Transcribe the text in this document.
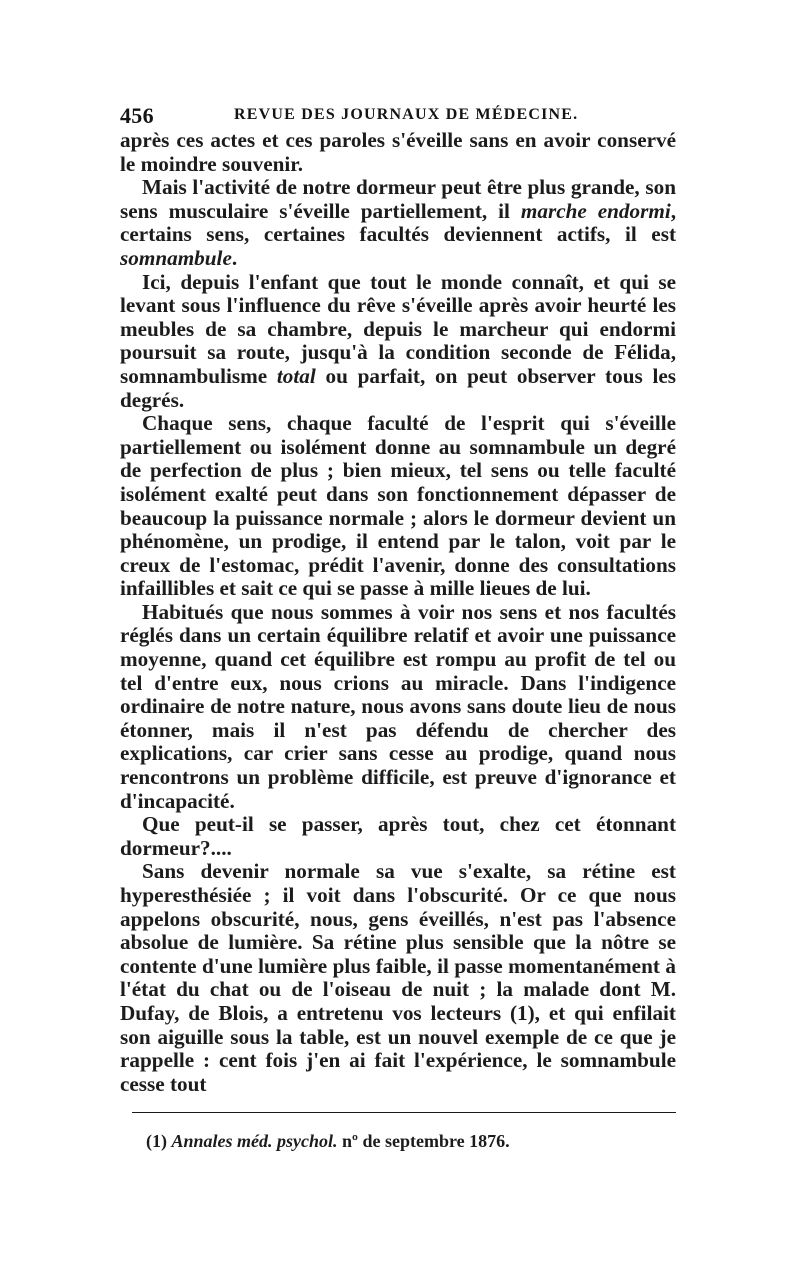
456	REVUE DES JOURNAUX DE MÉDECINE.

après ces actes et ces paroles s'éveille sans en avoir conservé le moindre souvenir.

Mais l'activité de notre dormeur peut être plus grande, son sens musculaire s'éveille partiellement, il marche endormi, certains sens, certaines facultés deviennent actifs, il est somnambule.

Ici, depuis l'enfant que tout le monde connaît, et qui se levant sous l'influence du rêve s'éveille après avoir heurté les meubles de sa chambre, depuis le marcheur qui endormi poursuit sa route, jusqu'à la condition seconde de Félida, somnambulisme total ou parfait, on peut observer tous les degrés.

Chaque sens, chaque faculté de l'esprit qui s'éveille partiellement ou isolément donne au somnambule un degré de perfection de plus ; bien mieux, tel sens ou telle faculté isolément exalté peut dans son fonctionnement dépasser de beaucoup la puissance normale ; alors le dormeur devient un phénomène, un prodige, il entend par le talon, voit par le creux de l'estomac, prédit l'avenir, donne des consultations infaillibles et sait ce qui se passe à mille lieues de lui.

Habitués que nous sommes à voir nos sens et nos facultés réglés dans un certain équilibre relatif et avoir une puissance moyenne, quand cet équilibre est rompu au profit de tel ou tel d'entre eux, nous crions au miracle. Dans l'indigence ordinaire de notre nature, nous avons sans doute lieu de nous étonner, mais il n'est pas défendu de chercher des explications, car crier sans cesse au prodige, quand nous rencontrons un problème difficile, est preuve d'ignorance et d'incapacité.

Que peut-il se passer, après tout, chez cet étonnant dormeur?....

Sans devenir normale sa vue s'exalte, sa rétine est hyperesthésiée ; il voit dans l'obscurité. Or ce que nous appelons obscurité, nous, gens éveillés, n'est pas l'absence absolue de lumière. Sa rétine plus sensible que la nôtre se contente d'une lumière plus faible, il passe momentanément à l'état du chat ou de l'oiseau de nuit ; la malade dont M. Dufay, de Blois, a entretenu vos lecteurs (1), et qui enfilait son aiguille sous la table, est un nouvel exemple de ce que je rappelle : cent fois j'en ai fait l'expérience, le somnambule cesse tout

(1) Annales méd. psychol. nº de septembre 1876.
